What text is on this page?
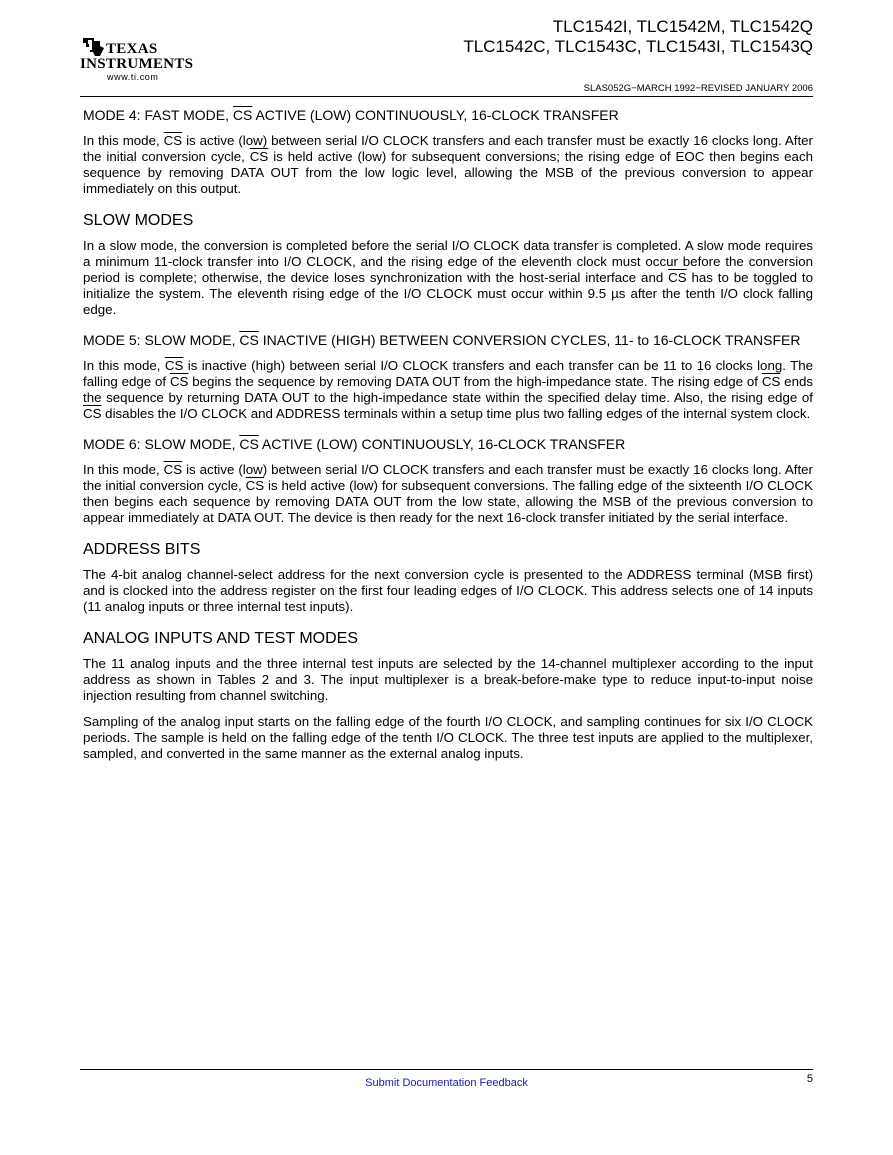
TEXAS
INSTRUMENTS
www.ti.com
TLC1542I, TLC1542M, TLC1542Q
TLC1542C, TLC1543C, TLC1543I, TLC1543Q
SLAS052G−MARCH 1992−REVISED JANUARY 2006
MODE 4: FAST MODE, CS ACTIVE (LOW) CONTINUOUSLY, 16-CLOCK TRANSFER

In this mode, $\overline{CS}$ is active (low) between serial I/O CLOCK transfers and each transfer must be exactly 16 clocks long. After the initial conversion cycle, $\overline{CS}$ is held active (low) for subsequent conversions; the rising edge of EOC then begins each sequence by removing DATA OUT from the low logic level, allowing the MSB of the previous conversion to appear immediately on this output.

SLOW MODES

In a slow mode, the conversion is completed before the serial I/O CLOCK data transfer is completed. A slow mode requires a minimum 11-clock transfer into I/O CLOCK, and the rising edge of the eleventh clock must occur before the conversion period is complete; otherwise, the device loses synchronization with the host-serial interface and $\overline{CS}$ has to be toggled to initialize the system. The eleventh rising edge of the I/O CLOCK must occur within 9.5 µs after the tenth I/O clock falling edge.

MODE 5: SLOW MODE, CS INACTIVE (HIGH) BETWEEN CONVERSION CYCLES, 11- to 16-CLOCK TRANSFER

In this mode, $\overline{CS}$ is inactive (high) between serial I/O CLOCK transfers and each transfer can be 11 to 16 clocks long. The falling edge of $\overline{CS}$ begins the sequence by removing DATA OUT from the high-impedance state. The rising edge of $\overline{CS}$ ends the sequence by returning DATA OUT to the high-impedance state within the specified delay time. Also, the rising edge of $\overline{CS}$ disables the I/O CLOCK and ADDRESS terminals within a setup time plus two falling edges of the internal system clock.

MODE 6: SLOW MODE, CS ACTIVE (LOW) CONTINUOUSLY, 16-CLOCK TRANSFER

In this mode, $\overline{CS}$ is active (low) between serial I/O CLOCK transfers and each transfer must be exactly 16 clocks long. After the initial conversion cycle, $\overline{CS}$ is held active (low) for subsequent conversions. The falling edge of the sixteenth I/O CLOCK then begins each sequence by removing DATA OUT from the low state, allowing the MSB of the previous conversion to appear immediately at DATA OUT. The device is then ready for the next 16-clock transfer initiated by the serial interface.

ADDRESS BITS

The 4-bit analog channel-select address for the next conversion cycle is presented to the ADDRESS terminal (MSB first) and is clocked into the address register on the first four leading edges of I/O CLOCK. This address selects one of 14 inputs (11 analog inputs or three internal test inputs).

ANALOG INPUTS AND TEST MODES

The 11 analog inputs and the three internal test inputs are selected by the 14-channel multiplexer according to the input address as shown in Tables 2 and 3. The input multiplexer is a break-before-make type to reduce input-to-input noise injection resulting from channel switching.

Sampling of the analog input starts on the falling edge of the fourth I/O CLOCK, and sampling continues for six I/O CLOCK periods. The sample is held on the falling edge of the tenth I/O CLOCK. The three test inputs are applied to the multiplexer, sampled, and converted in the same manner as the external analog inputs.

Submit Documentation Feedback	5
